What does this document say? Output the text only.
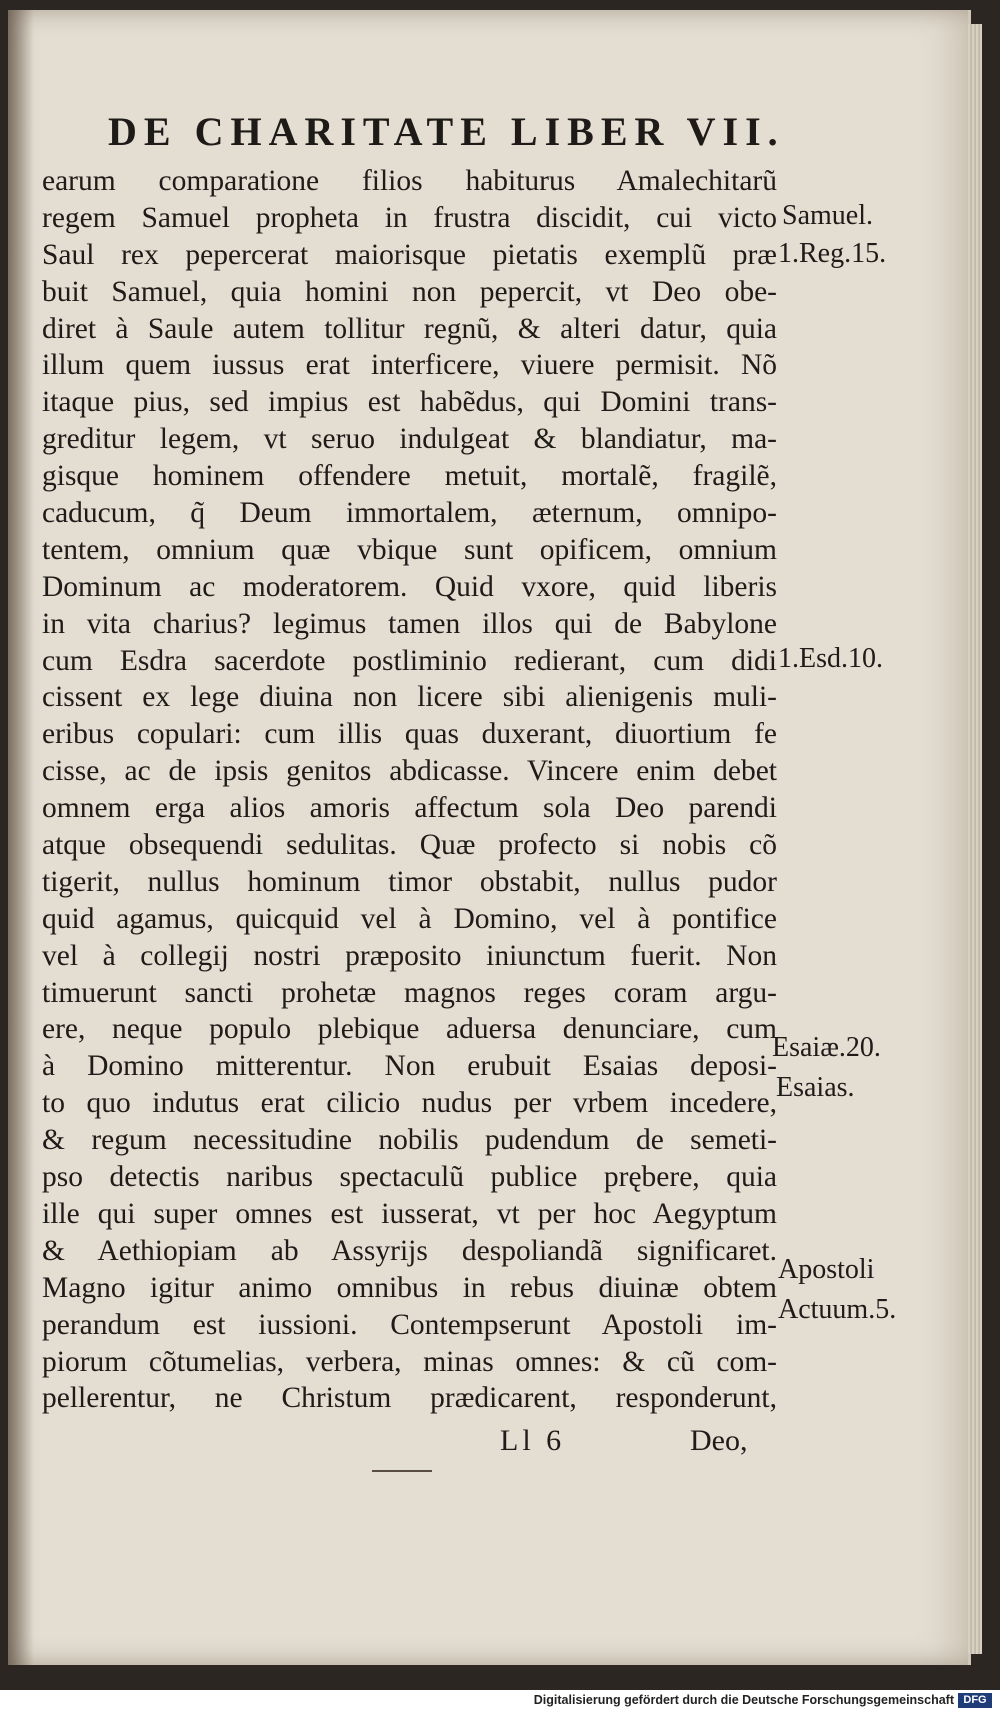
DE CHARITATE LIBER VII.
earum comparatione filios habiturus Amalechitarũ
regem Samuel propheta in frustra discidit, cui victo
Saul rex pepercerat maiorisque pietatis exemplũ præ
buit Samuel, quia homini non pepercit, vt Deo obe-
diret à Saule autem tollitur regnũ, & alteri datur, quia
illum quem iussus erat interficere, viuere permisit. Nõ
itaque pius, sed impius est habẽdus, qui Domini trans-
greditur legem, vt seruo indulgeat & blandiatur, ma-
gisque hominem offendere metuit, mortalẽ, fragilẽ,
caducum, q̃ Deum immortalem, æternum, omnipo-
tentem, omnium quæ vbique sunt opificem, omnium
Dominum ac moderatorem. Quid vxore, quid liberis
in vita charius? legimus tamen illos qui de Babylone
cum Esdra sacerdote postliminio redierant, cum didi
cissent ex lege diuina non licere sibi alienigenis muli-
eribus copulari: cum illis quas duxerant, diuortium fe
cisse, ac de ipsis genitos abdicasse. Vincere enim debet
omnem erga alios amoris affectum sola Deo parendi
atque obsequendi sedulitas. Quæ profecto si nobis cõ
tigerit, nullus hominum timor obstabit, nullus pudor
quid agamus, quicquid vel à Domino, vel à pontifice
vel à collegij nostri præposito iniunctum fuerit. Non
timuerunt sancti prohetæ magnos reges coram argu-
ere, neque populo plebique aduersa denunciare, cum
à Domino mitterentur. Non erubuit Esaias deposi-
to quo indutus erat cilicio nudus per vrbem incedere,
& regum necessitudine nobilis pudendum de semeti-
pso detectis naribus spectaculũ publice prębere, quia
ille qui super omnes est iusserat, vt per hoc Aegyptum
& Aethiopiam ab Assyrijs despoliandã significaret.
Magno igitur animo omnibus in rebus diuinæ obtem
perandum est iussioni. Contempserunt Apostoli im-
piorum cõtumelias, verbera, minas omnes: & cũ com-
pellerentur, ne Christum prædicarent, responderunt,
Samuel.
1.Reg.15.
1.Esd.10.
Esaiæ.20.
Esaias.
Apostoli
Actuum.5.
Ll 6	Deo,
Digitalisierung gefördert durch die Deutsche Forschungsgemeinschaft DFG
